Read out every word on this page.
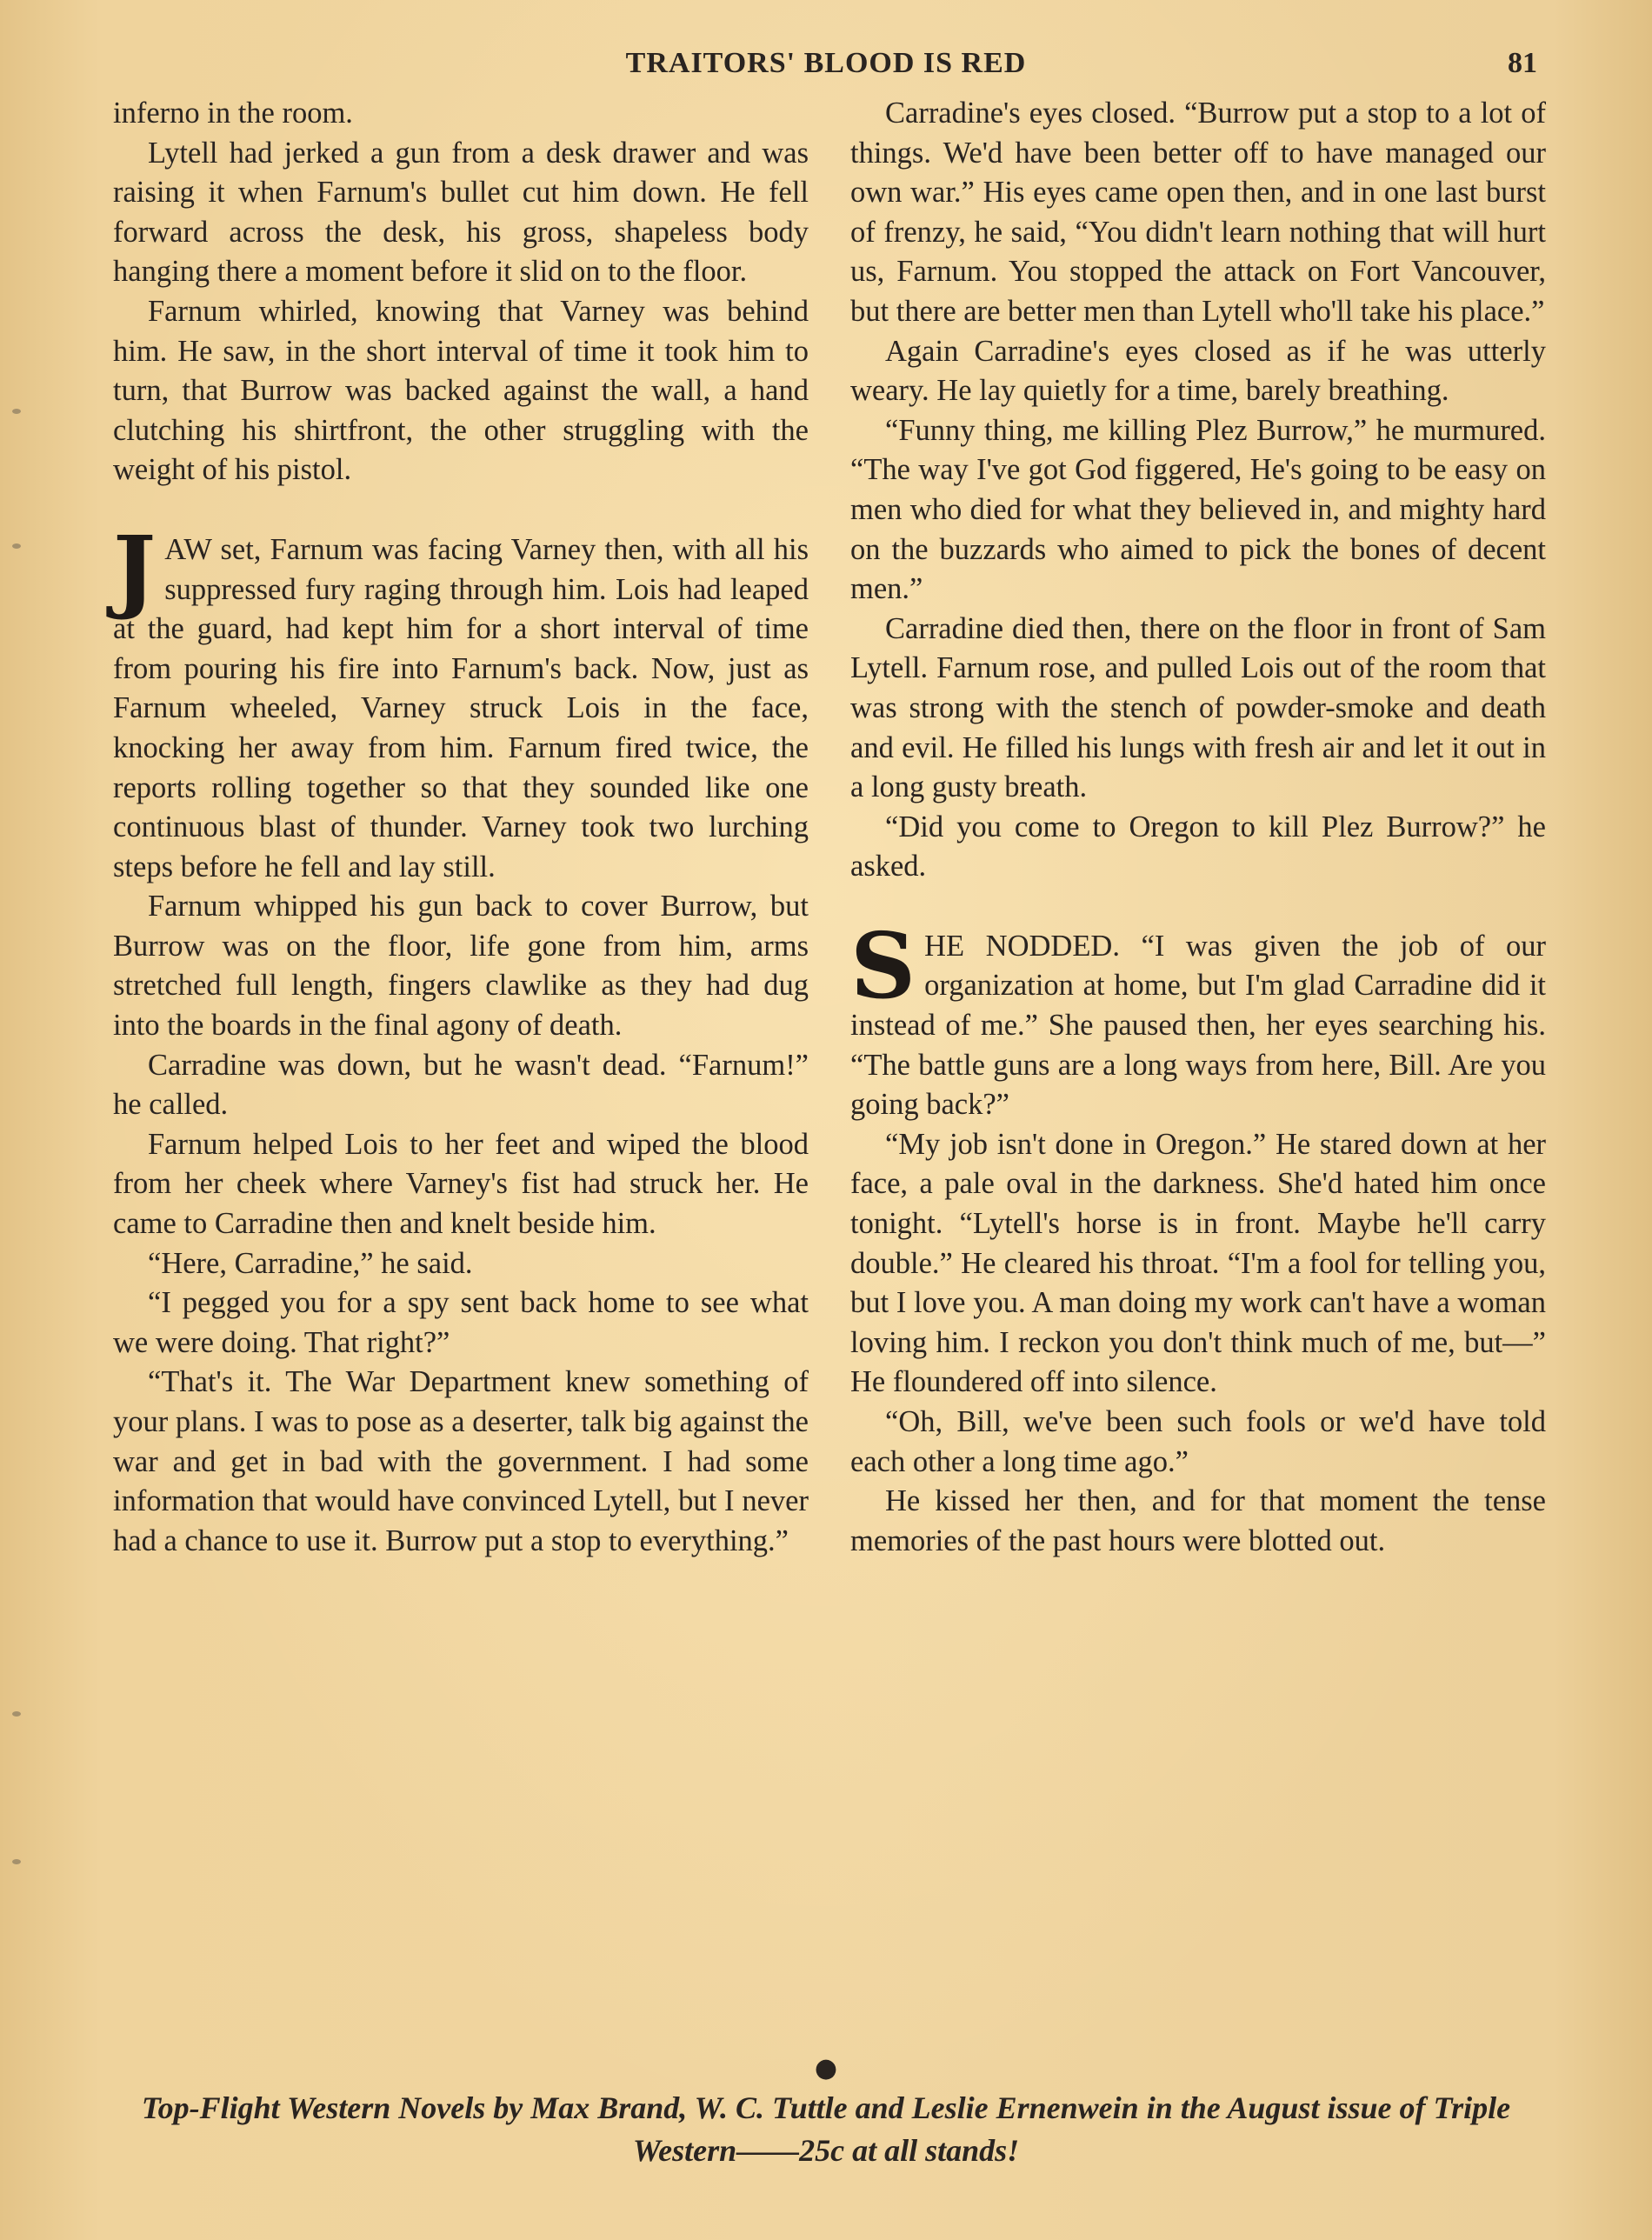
TRAITORS' BLOOD IS RED	81

inferno in the room.

Lytell had jerked a gun from a desk drawer and was raising it when Farnum's bullet cut him down. He fell forward across the desk, his gross, shapeless body hanging there a moment before it slid on to the floor.

Farnum whirled, knowing that Varney was behind him. He saw, in the short interval of time it took him to turn, that Burrow was backed against the wall, a hand clutching his shirtfront, the other struggling with the weight of his pistol.

JAW set, Farnum was facing Varney then, with all his suppressed fury raging through him. Lois had leaped at the guard, had kept him for a short interval of time from pouring his fire into Farnum's back. Now, just as Farnum wheeled, Varney struck Lois in the face, knocking her away from him. Farnum fired twice, the reports rolling together so that they sounded like one continuous blast of thunder. Varney took two lurching steps before he fell and lay still.

Farnum whipped his gun back to cover Burrow, but Burrow was on the floor, life gone from him, arms stretched full length, fingers clawlike as they had dug into the boards in the final agony of death.

Carradine was down, but he wasn't dead. “Farnum!” he called.

Farnum helped Lois to her feet and wiped the blood from her cheek where Varney's fist had struck her. He came to Carradine then and knelt beside him.

“Here, Carradine,” he said.

“I pegged you for a spy sent back home to see what we were doing. That right?”

“That's it. The War Department knew something of your plans. I was to pose as a deserter, talk big against the war and get in bad with the government. I had some information that would have convinced Lytell, but I never had a chance to use it. Burrow put a stop to everything.”

Carradine's eyes closed. “Burrow put a stop to a lot of things. We'd have been better off to have managed our own war.” His eyes came open then, and in one last burst of frenzy, he said, “You didn't learn nothing that will hurt us, Farnum. You stopped the attack on Fort Vancouver, but there are better men than Lytell who'll take his place.”

Again Carradine's eyes closed as if he was utterly weary. He lay quietly for a time, barely breathing.

“Funny thing, me killing Plez Burrow,” he murmured. “The way I've got God figgered, He's going to be easy on men who died for what they believed in, and mighty hard on the buzzards who aimed to pick the bones of decent men.”

Carradine died then, there on the floor in front of Sam Lytell. Farnum rose, and pulled Lois out of the room that was strong with the stench of powder-smoke and death and evil. He filled his lungs with fresh air and let it out in a long gusty breath.

“Did you come to Oregon to kill Plez Burrow?” he asked.

SHE NODDED. “I was given the job of our organization at home, but I'm glad Carradine did it instead of me.” She paused then, her eyes searching his. “The battle guns are a long ways from here, Bill. Are you going back?”

“My job isn't done in Oregon.” He stared down at her face, a pale oval in the darkness. She'd hated him once tonight. “Lytell's horse is in front. Maybe he'll carry double.” He cleared his throat. “I'm a fool for telling you, but I love you. A man doing my work can't have a woman loving him. I reckon you don't think much of me, but—” He floundered off into silence.

“Oh, Bill, we've been such fools or we'd have told each other a long time ago.”

He kissed her then, and for that moment the tense memories of the past hours were blotted out.

●
Top-Flight Western Novels by Max Brand, W. C. Tuttle and Leslie Ernenwein in the August issue of Triple Western——25c at all stands!
